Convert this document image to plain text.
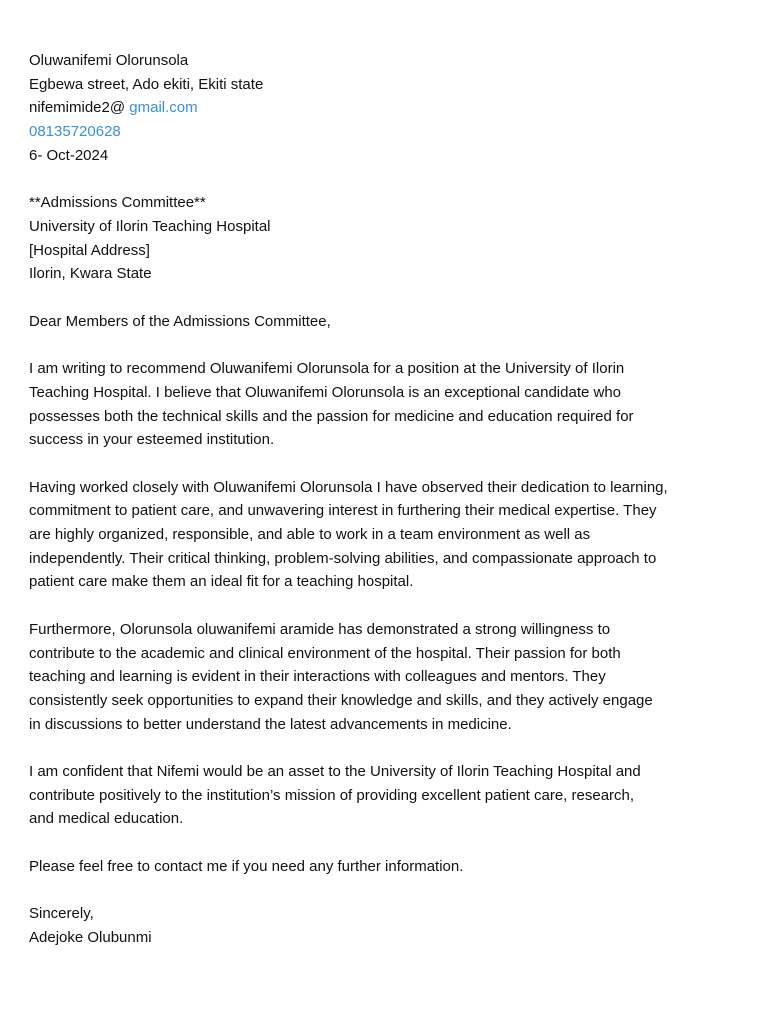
Oluwanifemi Olorunsola
Egbewa street, Ado ekiti, Ekiti state
nifemimide2@ gmail.com
08135720628
6- Oct-2024
**Admissions Committee**
University of Ilorin Teaching Hospital
[Hospital Address]
Ilorin, Kwara State
Dear Members of the Admissions Committee,
I am writing to recommend Oluwanifemi Olorunsola for a position at the University of Ilorin
Teaching Hospital. I believe that Oluwanifemi Olorunsola is an exceptional candidate who
possesses both the technical skills and the passion for medicine and education required for
success in your esteemed institution.
Having worked closely with Oluwanifemi Olorunsola I have observed their dedication to learning,
commitment to patient care, and unwavering interest in furthering their medical expertise. They
are highly organized, responsible, and able to work in a team environment as well as
independently. Their critical thinking, problem-solving abilities, and compassionate approach to
patient care make them an ideal fit for a teaching hospital.
Furthermore, Olorunsola oluwanifemi aramide has demonstrated a strong willingness to
contribute to the academic and clinical environment of the hospital. Their passion for both
teaching and learning is evident in their interactions with colleagues and mentors. They
consistently seek opportunities to expand their knowledge and skills, and they actively engage
in discussions to better understand the latest advancements in medicine.
I am confident that Nifemi would be an asset to the University of Ilorin Teaching Hospital and
contribute positively to the institution’s mission of providing excellent patient care, research,
and medical education.
Please feel free to contact me if you need any further information.
Sincerely,
Adejoke Olubunmi
